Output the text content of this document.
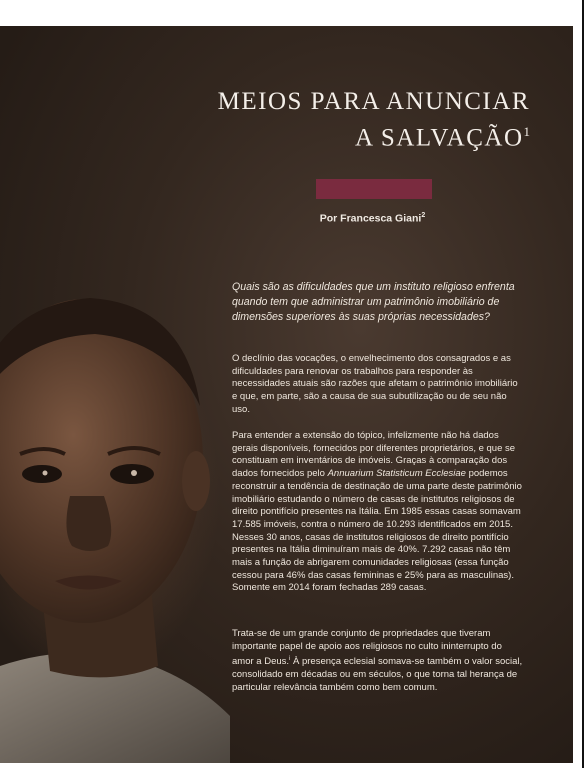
MEIOS PARA ANUNCIAR
A SALVAÇÃO$^1$
Por Francesca Giani$^2$

Quais são as dificuldades que um instituto religioso enfrenta quando tem que administrar um patrimônio imobiliário de dimensões superiores às suas próprias necessidades?

O declínio das vocações, o envelhecimento dos consagrados e as dificuldades para renovar os trabalhos para responder às necessidades atuais são razões que afetam o patrimônio imobiliário e que, em parte, são a causa de sua subutilização ou de seu não uso.

Para entender a extensão do tópico, infelizmente não há dados gerais disponíveis, fornecidos por diferentes proprietários, e que se constituam em inventários de imóveis. Graças à comparação dos dados fornecidos pelo Annuarium Statisticum Ecclesiae podemos reconstruir a tendência de destinação de uma parte deste patrimônio imobiliário estudando o número de casas de institutos religiosos de direito pontifício presentes na Itália. Em 1985 essas casas somavam 17.585 imóveis, contra o número de 10.293 identificados em 2015. Nesses 30 anos, casas de institutos religiosos de direito pontifício presentes na Itália diminuíram mais de 40%. 7.292 casas não têm mais a função de abrigarem comunidades religiosas (essa função cessou para 46% das casas femininas e 25% para as masculinas). Somente em 2014 foram fechadas 289 casas.

Trata-se de um grande conjunto de propriedades que tiveram importante papel de apoio aos religiosos no culto ininterrupto do amor a Deus.$^i$ À presença eclesial somava-se também o valor social, consolidado em décadas ou em séculos, o que torna tal herança de particular relevância também como bem comum.
